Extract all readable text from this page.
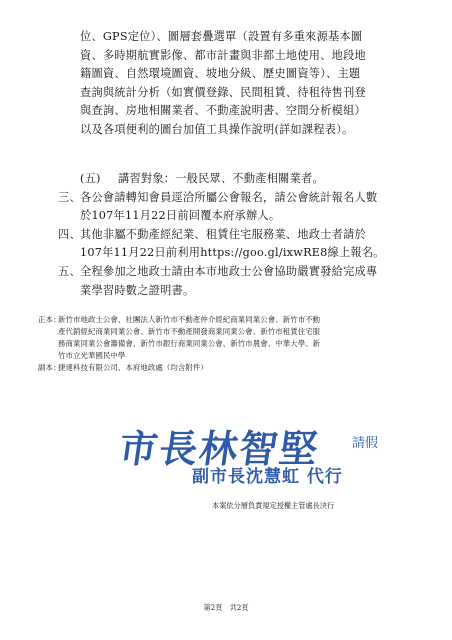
位、GPS定位）、圖層套疊選單（設置有多重來源基本圖

資、多時期航實影像、都市計畫與非都土地使用、地段地

籍圖資、自然環境圖資、坡地分級、歷史圖資等）、主題

查詢與統計分析（如實價登錄、民間租賃、待租待售刊登

與查詢、房地相關業者、不動產說明書、空間分析模組）

以及各項便利的圖台加值工具操作說明(詳如課程表）。

(五)	講習對象：一般民眾、不動產相關業者。
三、 各公會請轉知會員逕洽所屬公會報名，請公會統計報名人數
於107年11月22日前回覆本府承辦人。
四、 其他非屬不動產經紀業、租賃住宅服務業、地政士者請於
107年11月22日前利用https://goo.gl/ixwRE8線上報名。
五、 全程參加之地政士請由本市地政士公會協助嚴實發給完成專
業學習時數之證明書。
正本：
新竹市地政士公會、社團法人新竹市不動產仲介經紀商業同業公會、新竹市不動
產代銷經紀商業同業公會、新竹市不動產開發商業同業公會、新竹市租賃住宅服
務商業同業公會籌備會、新竹市銀行商業同業公會、新竹市農會、中華大學、新
竹市立光華國民中學
副本：
捷達科技有限公司、本府地政處（均含附件）
市長林智堅 請假
副市長沈慧虹 代行
本案依分層負責規定授權主管處長決行
第2頁　共2頁
